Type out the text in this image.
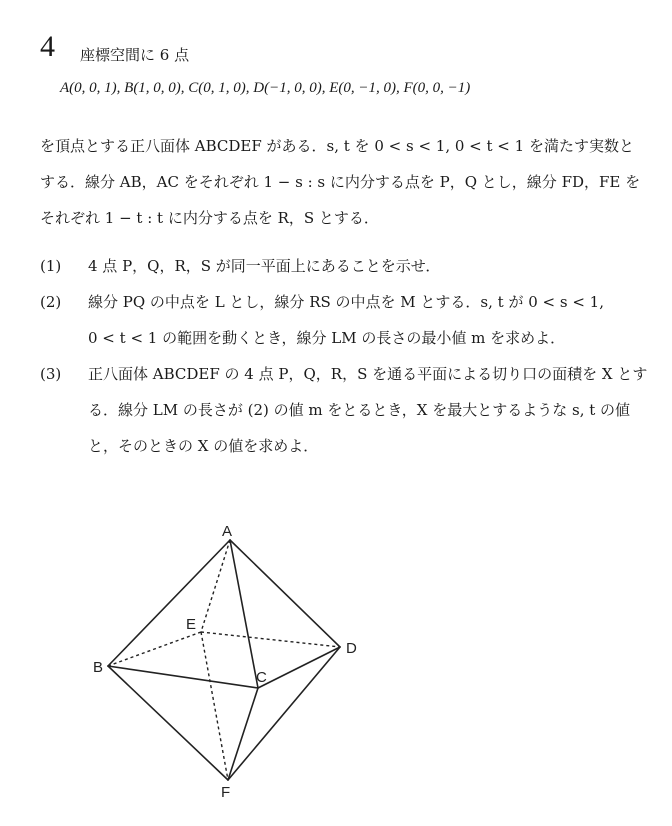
4 座標空間に 6 点
A(0, 0, 1), B(1, 0, 0), C(0, 1, 0), D(−1, 0, 0), E(0, −1, 0), F(0, 0, −1)

を頂点とする正八面体 ABCDEF がある．s, t を 0 < s < 1, 0 < t < 1 を満たす実数と

する．線分 AB，AC をそれぞれ 1 − s : s に内分する点を P，Q とし，線分 FD，FE を

それぞれ 1 − t : t に内分する点を R，S とする．

(1) 4 点 P，Q，R，S が同一平面上にあることを示せ．

(2) 線分 PQ の中点を L とし，線分 RS の中点を M とする．s, t が 0 < s < 1,

0 < t < 1 の範囲を動くとき，線分 LM の長さの最小値 m を求めよ．

(3) 正八面体 ABCDEF の 4 点 P，Q，R，S を通る平面による切り口の面積を X とす

る．線分 LM の長さが (2) の値 m をとるとき，X を最大とするような s, t の値

と，そのときの X の値を求めよ．

A
B
C
D
E
F
